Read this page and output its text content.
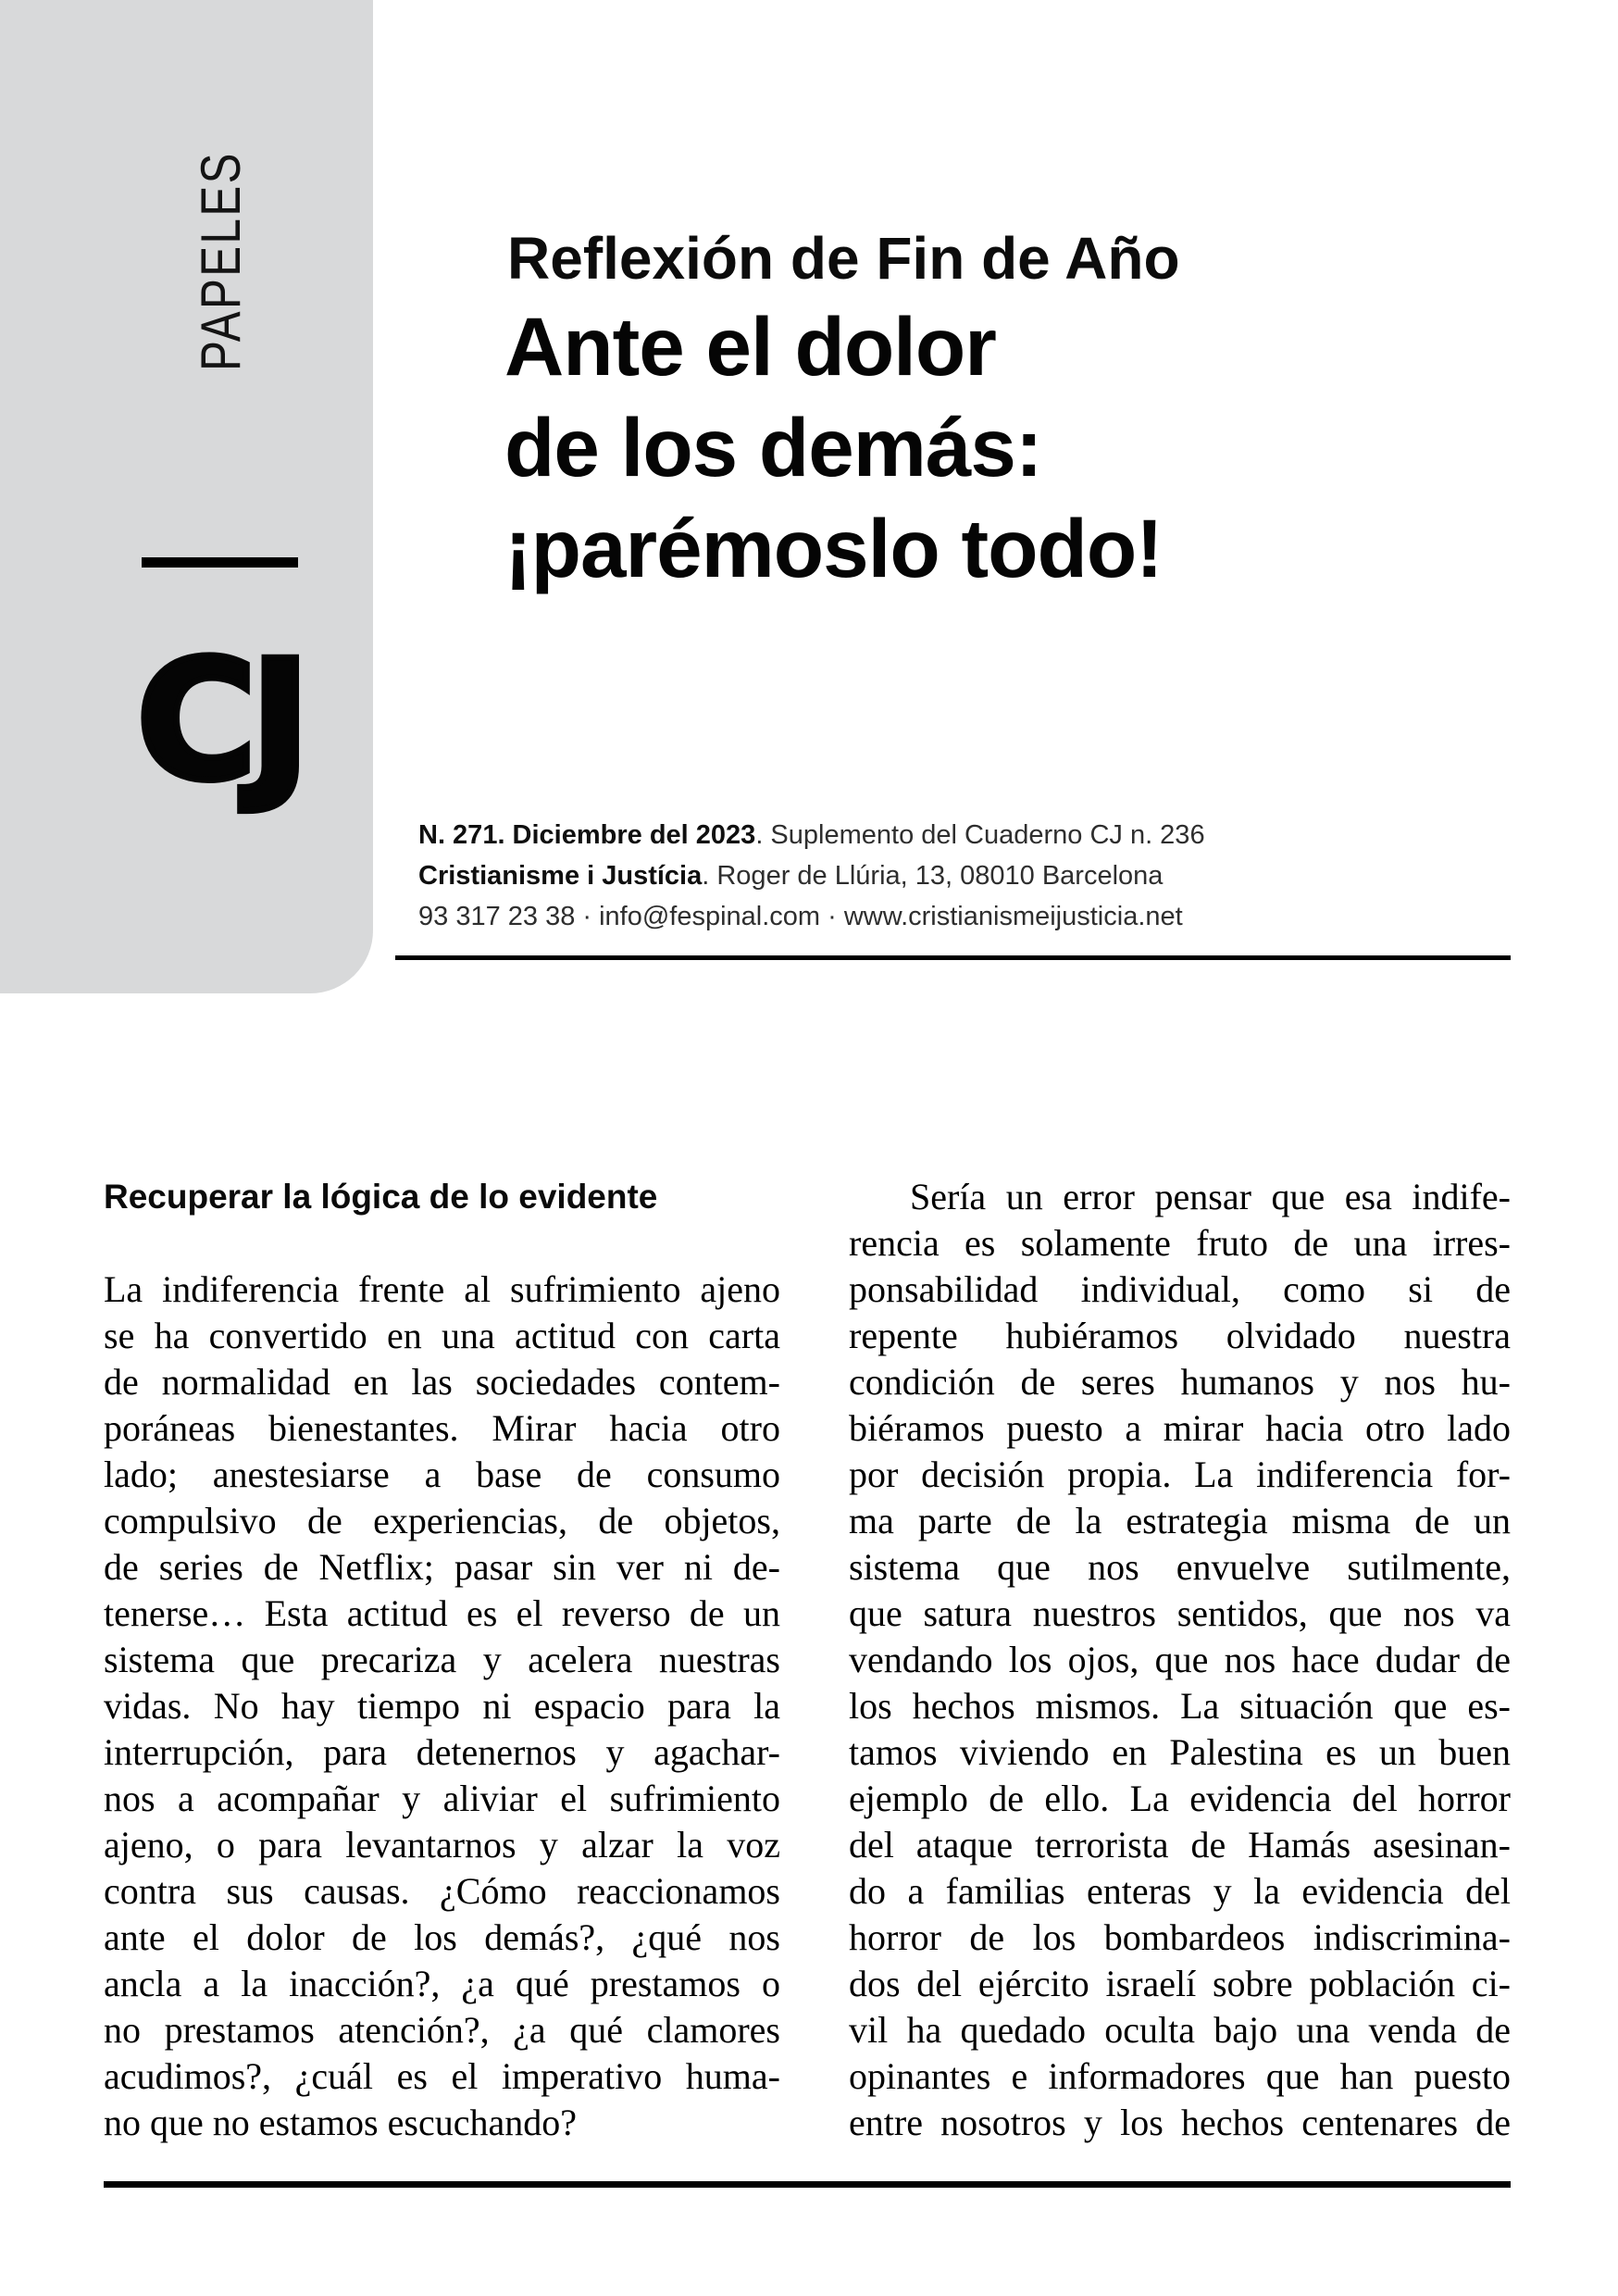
PAPELES
CJ
Reflexión de Fin de Año
Ante el dolor
de los demás:
¡parémoslo todo!
N. 271. Diciembre del 2023. Suplemento del Cuaderno CJ n. 236
Cristianisme i Justícia. Roger de Llúria, 13, 08010 Barcelona
93 317 23 38 · info@fespinal.com · www.cristianismeijusticia.net
Recuperar la lógica de lo evidente
La indiferencia frente al sufrimiento ajeno
se ha convertido en una actitud con carta
de normalidad en las sociedades contem-
poráneas bienestantes. Mirar hacia otro
lado; anestesiarse a base de consumo
compulsivo de experiencias, de objetos,
de series de Netflix; pasar sin ver ni de-
tenerse… Esta actitud es el reverso de un
sistema que precariza y acelera nuestras
vidas. No hay tiempo ni espacio para la
interrupción, para detenernos y agachar-
nos a acompañar y aliviar el sufrimiento
ajeno, o para levantarnos y alzar la voz
contra sus causas. ¿Cómo reaccionamos
ante el dolor de los demás?, ¿qué nos
ancla a la inacción?, ¿a qué prestamos o
no prestamos atención?, ¿a qué clamores
acudimos?, ¿cuál es el imperativo huma-
no que no estamos escuchando?
Sería un error pensar que esa indife-
rencia es solamente fruto de una irres-
ponsabilidad individual, como si de
repente hubiéramos olvidado nuestra
condición de seres humanos y nos hu-
biéramos puesto a mirar hacia otro lado
por decisión propia. La indiferencia for-
ma parte de la estrategia misma de un
sistema que nos envuelve sutilmente,
que satura nuestros sentidos, que nos va
vendando los ojos, que nos hace dudar de
los hechos mismos. La situación que es-
tamos viviendo en Palestina es un buen
ejemplo de ello. La evidencia del horror
del ataque terrorista de Hamás asesinan-
do a familias enteras y la evidencia del
horror de los bombardeos indiscrimina-
dos del ejército israelí sobre población ci-
vil ha quedado oculta bajo una venda de
opinantes e informadores que han puesto
entre nosotros y los hechos centenares de
